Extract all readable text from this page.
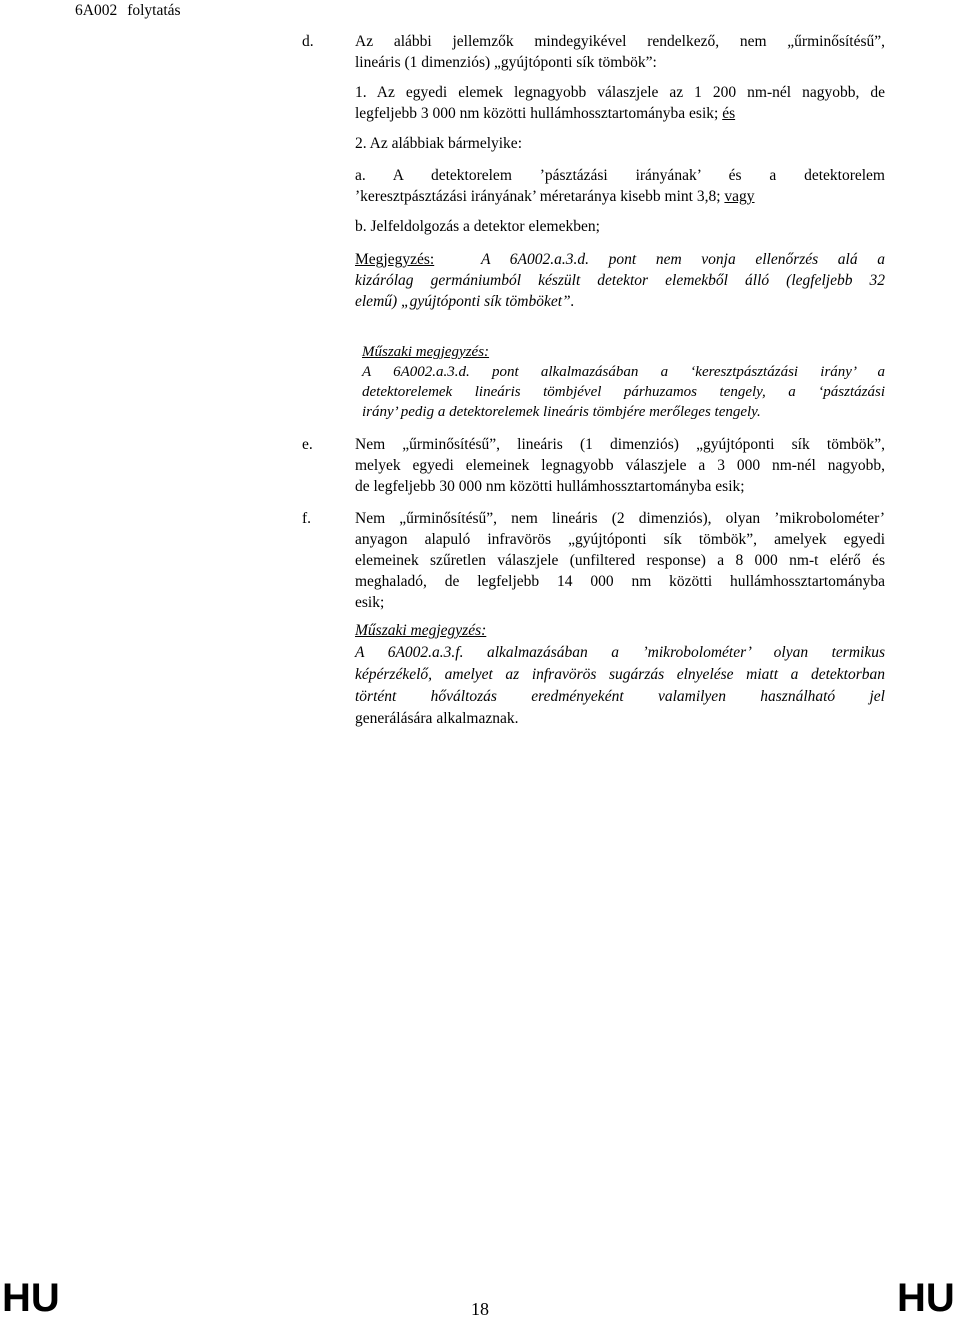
6A002 folytatás
d.	Az alábbi jellemzők mindegyikével rendelkező, nem „űrminősítésű”,
lineáris (1 dimenziós) „gyújtóponti sík tömbök”:
1. Az egyedi elemek legnagyobb válaszjele az 1 200 nm-nél nagyobb, de
legfeljebb 3 000 nm közötti hullámhossztartományba esik; és
2. Az alábbiak bármelyike:
a. A detektorelem ’pásztázási irányának’ és a detektorelem
’keresztpásztázási irányának’ méretaránya kisebb mint 3,8; vagy
b. Jelfeldolgozás a detektor elemekben;
Megjegyzés:	A 6A002.a.3.d. pont nem vonja ellenőrzés alá a
kizárólag germániumból készült detektor elemekből álló (legfeljebb 32
elemű) „gyújtóponti sík tömböket”.
Műszaki megjegyzés:
A 6A002.a.3.d. pont alkalmazásában a ‘keresztpásztázási irány’ a
detektorelemek lineáris tömbjével párhuzamos tengely, a ‘pásztázási
irány’ pedig a detektorelemek lineáris tömbjére merőleges tengely.
e.	Nem „űrminősítésű”, lineáris (1 dimenziós) „gyújtóponti sík tömbök”,
melyek egyedi elemeinek legnagyobb válaszjele a 3 000 nm-nél nagyobb,
de legfeljebb 30 000 nm közötti hullámhossztartományba esik;
f.	Nem „űrminősítésű”, nem lineáris (2 dimenziós), olyan ’mikrobolométer’
anyagon alapuló infravörös „gyújtóponti sík tömbök”, amelyek egyedi
elemeinek szűretlen válaszjele (unfiltered response) a 8 000 nm-t elérő és
meghaladó, de legfeljebb 14 000 nm közötti hullámhossztartományba
esik;
Műszaki megjegyzés:
A 6A002.a.3.f. alkalmazásában a ’mikrobolométer’ olyan termikus
képérzékelő, amelyet az infravörös sugárzás elnyelése miatt a detektorban
történt hőváltozás eredményeként valamilyen használható jel
generálására alkalmaznak.
HU	18	HU
